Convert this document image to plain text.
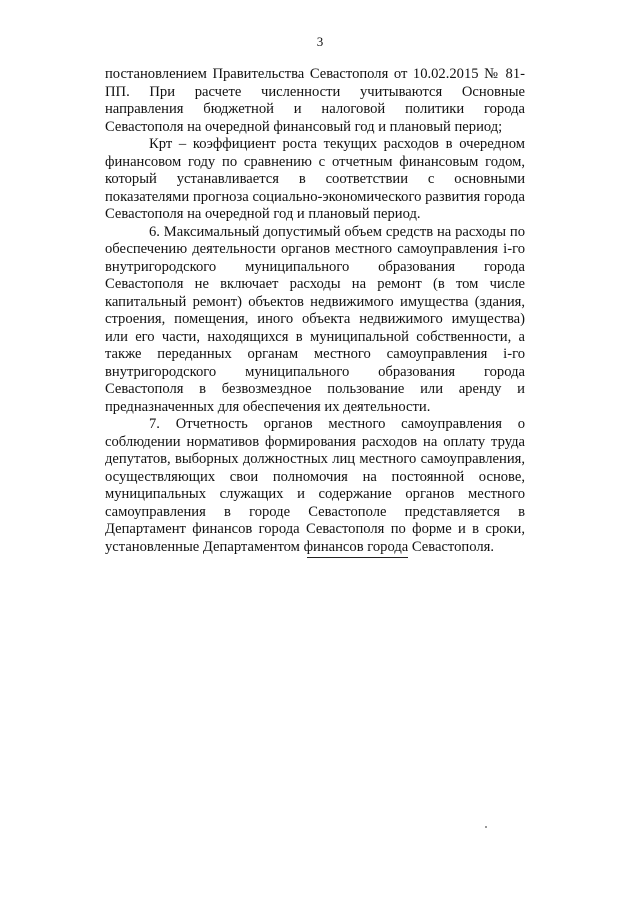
3

постановлением Правительства Севастополя от 10.02.2015 № 81-ПП. При расчете численности учитываются Основные направления бюджетной и налоговой политики города Севастополя на очередной финансовый год и плановый период;

Крт – коэффициент роста текущих расходов в очередном финансовом году по сравнению с отчетным финансовым годом, который устанавливается в соответствии с основными показателями прогноза социально-экономического развития города Севастополя на очередной год и плановый период.

6. Максимальный допустимый объем средств на расходы по обеспечению деятельности органов местного самоуправления i-го внутригородского муниципального образования города Севастополя не включает расходы на ремонт (в том числе капитальный ремонт) объектов недвижимого имущества (здания, строения, помещения, иного объекта недвижимого имущества) или его части, находящихся в муниципальной собственности, а также переданных органам местного самоуправления i-го внутригородского муниципального образования города Севастополя в безвозмездное пользование или аренду и предназначенных для обеспечения их деятельности.

7. Отчетность органов местного самоуправления о соблюдении нормативов формирования расходов на оплату труда депутатов, выборных должностных лиц местного самоуправления, осуществляющих свои полномочия на постоянной основе, муниципальных служащих и содержание органов местного самоуправления в городе Севастополе представляется в Департамент финансов города Севастополя по форме и в сроки, установленные Департаментом финансов города Севастополя.
